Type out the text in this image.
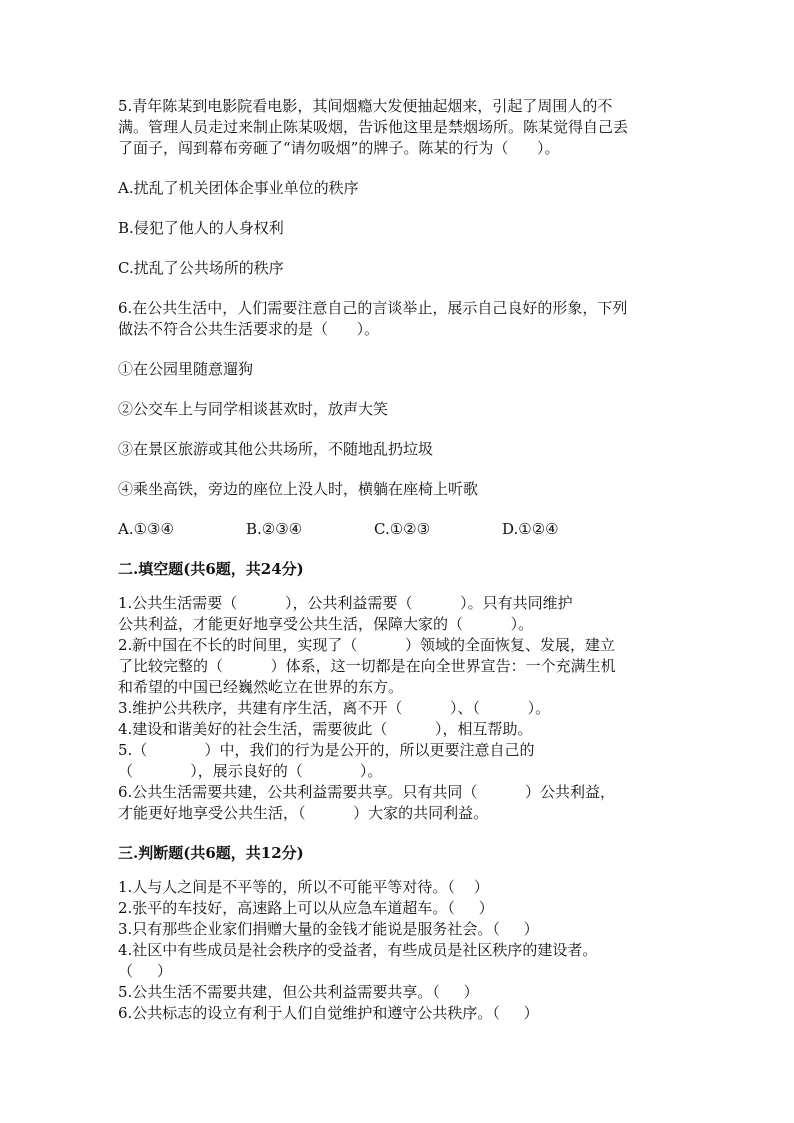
5.青年陈某到电影院看电影，其间烟瘾大发便抽起烟来，引起了周围人的不
满。管理人员走过来制止陈某吸烟，告诉他这里是禁烟场所。陈某觉得自己丢
了面子，闯到幕布旁砸了“请勿吸烟”的牌子。陈某的行为（      ）。
A.扰乱了机关团体企事业单位的秩序
B.侵犯了他人的人身权利
C.扰乱了公共场所的秩序
6.在公共生活中，人们需要注意自己的言谈举止，展示自己良好的形象，下列
做法不符合公共生活要求的是（      ）。
①在公园里随意遛狗
②公交车上与同学相谈甚欢时，放声大笑
③在景区旅游或其他公共场所，不随地乱扔垃圾
④乘坐高铁，旁边的座位上没人时，横躺在座椅上听歌
A.①③④	B.②③④	C.①②③	D.①②④
二.填空题(共6题，共24分)
1.公共生活需要（          ），公共利益需要（          ）。只有共同维护
公共利益，才能更好地享受公共生活，保障大家的（          ）。
2.新中国在不长的时间里，实现了（          ）领域的全面恢复、发展，建立
了比较完整的（          ）体系，这一切都是在向全世界宣告：一个充满生机
和希望的中国已经巍然屹立在世界的东方。
3.维护公共秩序，共建有序生活，离不开（          ）、（          ）。
4.建设和谐美好的社会生活，需要彼此（          ），相互帮助。
5.（            ）中，我们的行为是公开的，所以更要注意自己的
（            ），展示良好的（            ）。
6.公共生活需要共建，公共利益需要共享。只有共同（          ）公共利益，
才能更好地享受公共生活，（          ）大家的共同利益。
三.判断题(共6题，共12分)
1.人与人之间是不平等的，所以不可能平等对待。（    ）
2.张平的车技好，高速路上可以从应急车道超车。（     ）
3.只有那些企业家们捐赠大量的金钱才能说是服务社会。（     ）
4.社区中有些成员是社会秩序的受益者，有些成员是社区秩序的建设者。
（     ）
5.公共生活不需要共建，但公共利益需要共享。（     ）
6.公共标志的设立有利于人们自觉维护和遵守公共秩序。（     ）
